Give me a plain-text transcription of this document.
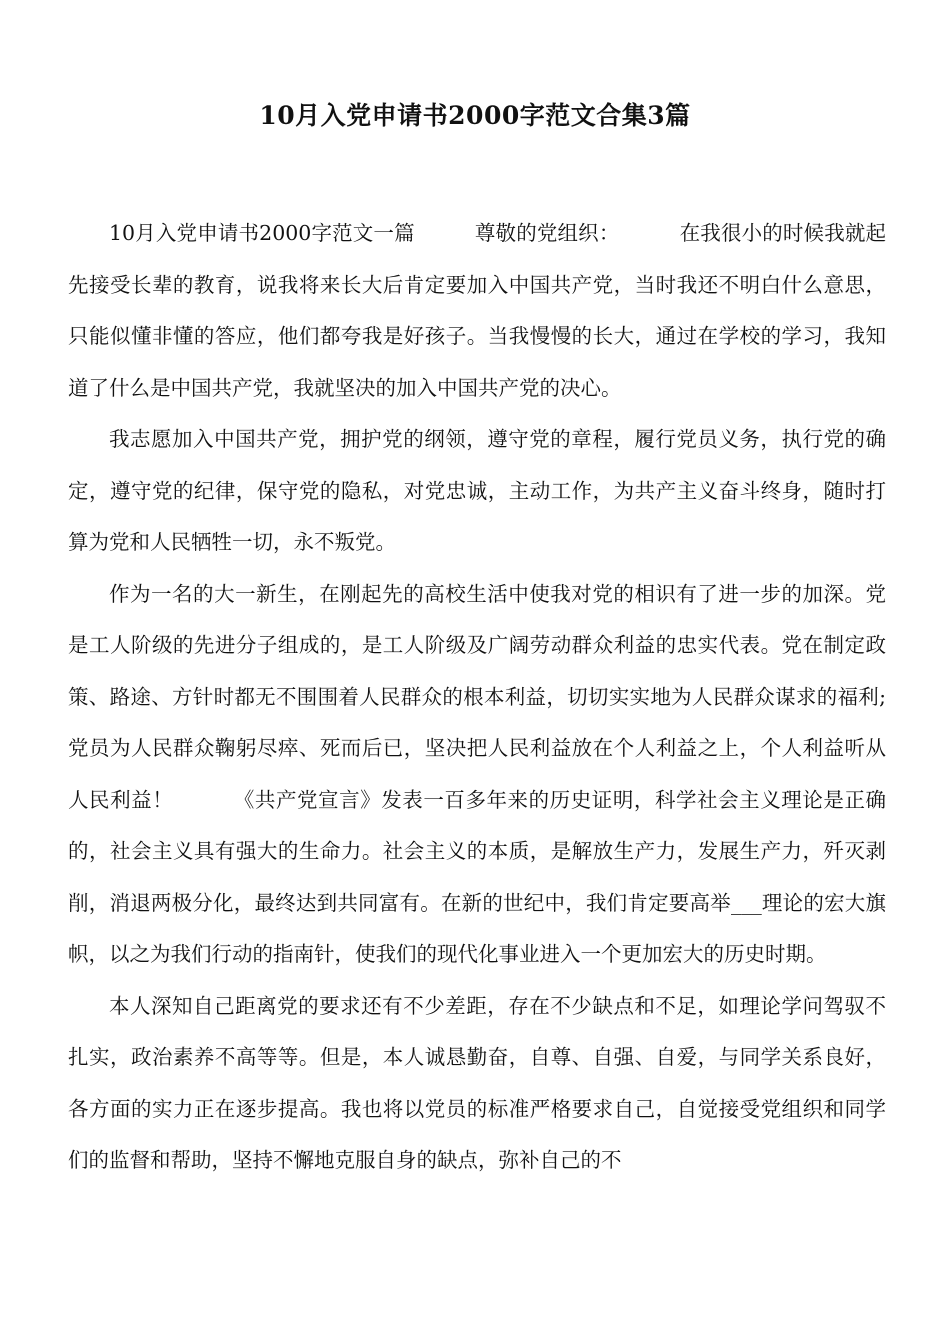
10月入党申请书2000字范文合集3篇

10月入党申请书2000字范文一篇	尊敬的党组织：	在我很小的时候我就起先接受长辈的教育，说我将来长大后肯定要加入中国共产党，当时我还不明白什么意思，只能似懂非懂的答应，他们都夸我是好孩子。当我慢慢的长大，通过在学校的学习，我知道了什么是中国共产党，我就坚决的加入中国共产党的决心。

我志愿加入中国共产党，拥护党的纲领，遵守党的章程，履行党员义务，执行党的确定，遵守党的纪律，保守党的隐私，对党忠诚，主动工作，为共产主义奋斗终身，随时打算为党和人民牺牲一切，永不叛党。

作为一名的大一新生，在刚起先的高校生活中使我对党的相识有了进一步的加深。党是工人阶级的先进分子组成的，是工人阶级及广阔劳动群众利益的忠实代表。党在制定政策、路途、方针时都无不围围着人民群众的根本利益，切切实实地为人民群众谋求的福利;党员为人民群众鞠躬尽瘁、死而后已，坚决把人民利益放在个人利益之上，个人利益听从人民利益！	《共产党宣言》发表一百多年来的历史证明，科学社会主义理论是正确的，社会主义具有强大的生命力。社会主义的本质，是解放生产力，发展生产力，歼灭剥削，消退两极分化，最终达到共同富有。在新的世纪中，我们肯定要高举___理论的宏大旗帜，以之为我们行动的指南针，使我们的现代化事业进入一个更加宏大的历史时期。

本人深知自己距离党的要求还有不少差距，存在不少缺点和不足，如理论学问驾驭不扎实，政治素养不高等等。但是，本人诚恳勤奋，自尊、自强、自爱，与同学关系良好，各方面的实力正在逐步提高。我也将以党员的标准严格要求自己，自觉接受党组织和同学们的监督和帮助，坚持不懈地克服自身的缺点，弥补自己的不
